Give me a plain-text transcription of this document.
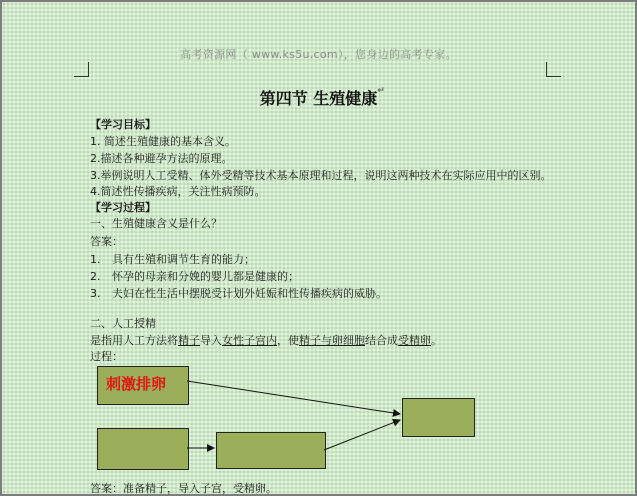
高考资源网（ www.ks5u.com），您身边的高考专家。
第四节 生殖健康 ↵
【学习目标】
1. 简述生殖健康的基本含义。
2.描述各种避孕方法的原理。
3.举例说明人工受精、体外受精等技术基本原理和过程，说明这两种技术在实际应用中的区别。
4.简述性传播疾病，关注性病预防。
【学习过程】
一、生殖健康含义是什么？
答案：
1. 具有生殖和调节生育的能力；
2. 怀孕的母亲和分娩的婴儿都是健康的；
3. 夫妇在性生活中摆脱受计划外妊娠和性传播疾病的威胁。
二、人工授精
是指用人工方法将精子导入女性子宫内，使精子与卵细胞结合成受精卵。
过程：
刺激排卵
答案：准备精子，导入子宫，受精卵。
